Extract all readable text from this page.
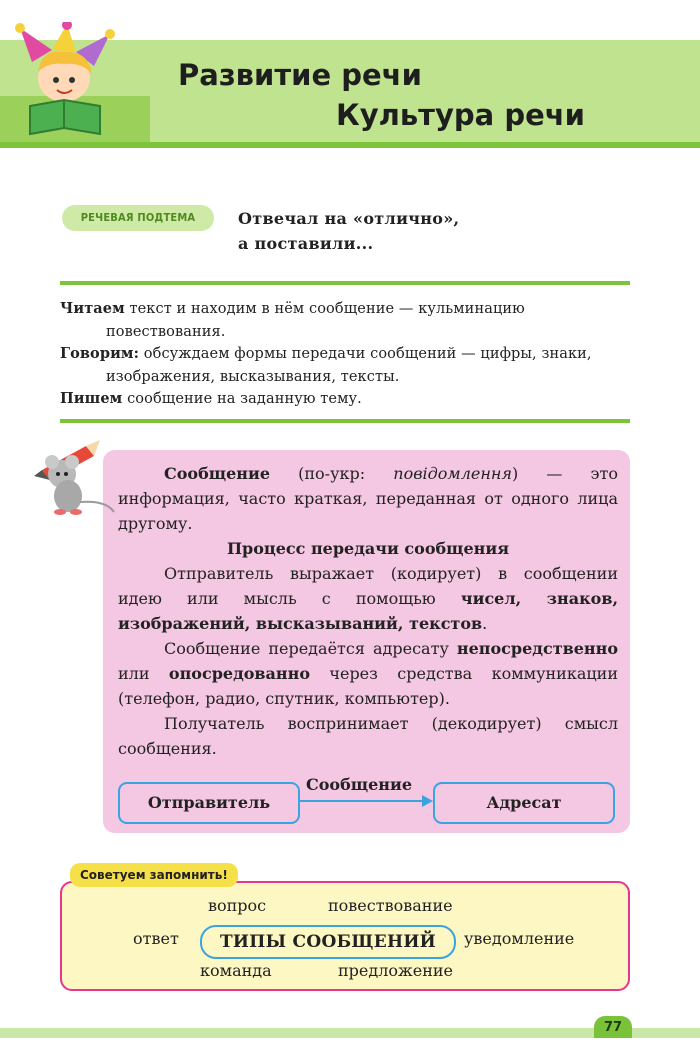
Развитие речи
Культура речи
РЕЧЕВАЯ ПОДТЕМА	Отвечал на «отлично»,
а поставили...

Читаем текст и находим в нём сообщение — кульминацию повествования.

Говорим: обсуждаем формы передачи сообщений — цифры, знаки, изображения, высказывания, тексты.

Пишем сообщение на заданную тему.

Сообщение (по-укр: повідомлення) — это информация, часто краткая, переданная от одного лица другому.

Процесс передачи сообщения

Отправитель выражает (кодирует) в сообщении идею или мысль с помощью чисел, знаков, изображений, высказываний, текстов.

Сообщение передаётся адресату непосредственно или опосредованно через средства коммуникации (телефон, радио, спутник, компьютер).

Получатель воспринимает (декодирует) смысл сообщения.

Отправитель
Сообщение
Адресат
Советуем запомнить!
вопрос	повествование
ответ	ТИПЫ СООБЩЕНИЙ	уведомление
команда	предложение
77
